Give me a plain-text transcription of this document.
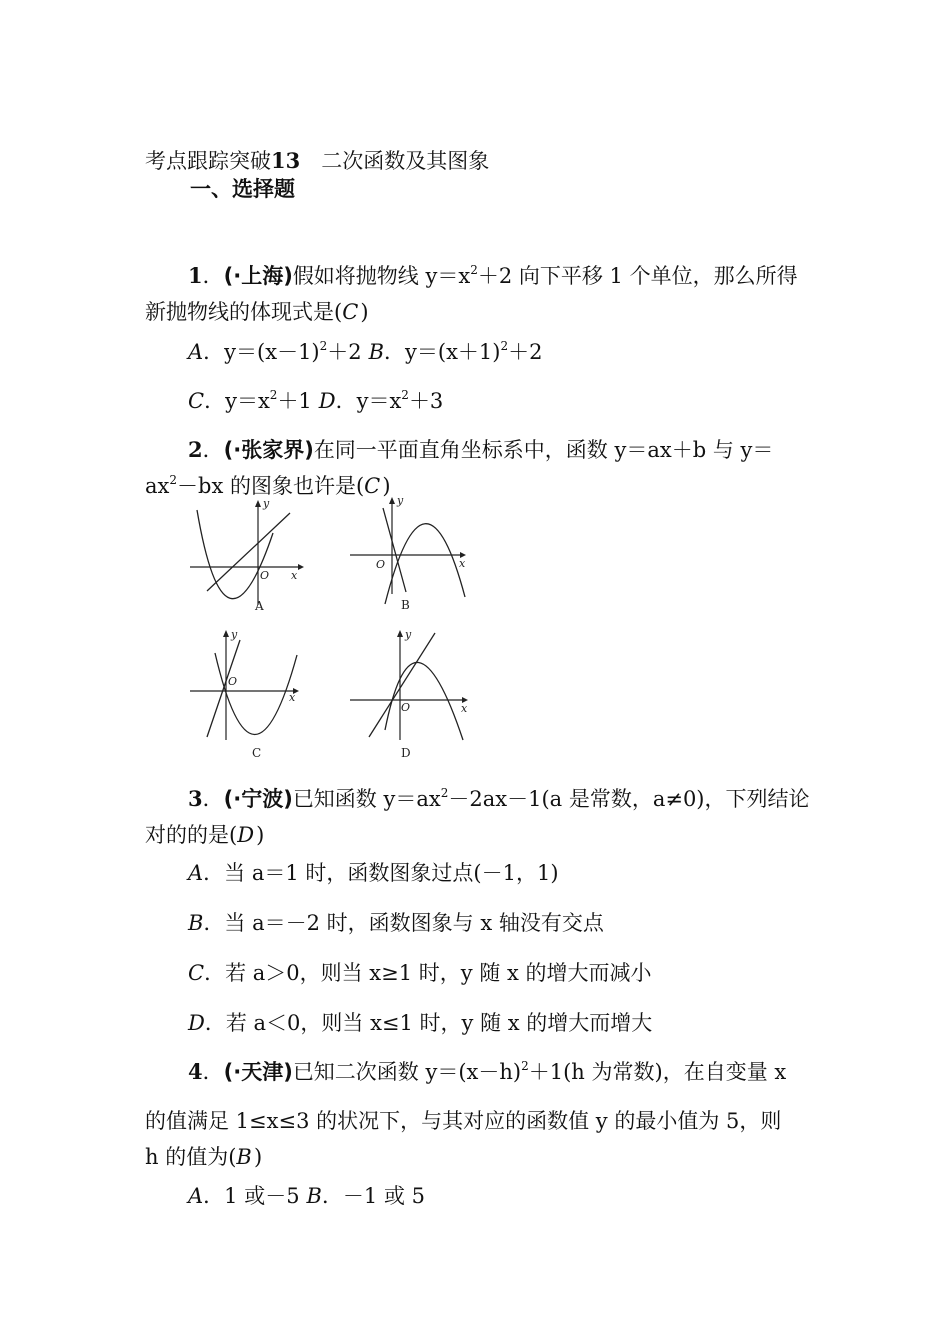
考点跟踪突破13  二次函数及其图象
一、选择题
1．(·上海)假如将抛物线 $y=x^2+2$ 向下平移 1 个单位，那么所得
新抛物线的体现式是(C )
A．$y=(x-1)^2+2$  B．$y=(x+1)^2+2$
C．$y=x^2+1$  D．$y=x^2+3$
2．(·张家界)在同一平面直角坐标系中，函数 y＝ax＋b 与 y＝
$ax^2-bx$ 的图象也许是(C )
x
y
O
A
x
y
O
B
x
y
O
C
x
y
O
D
3．(·宁波)已知函数 $y=ax^2-2ax-1(a$ 是常数，a≠0)，下列结论
对的的是(D )
A．当 a＝1 时，函数图象过点(－1，1)
B．当 a＝－2 时，函数图象与 x 轴没有交点
C．若 a＞0，则当 x≥1 时，y 随 x 的增大而减小
D．若 a＜0，则当 x≤1 时，y 随 x 的增大而增大
4．(·天津)已知二次函数 $y=(x-h)^2+1(h$ 为常数)，在自变量 x
的值满足 1≤x≤3 的状况下，与其对应的函数值 y 的最小值为 5，则
h 的值为(B )
A．1 或－5  B．－1 或 5
